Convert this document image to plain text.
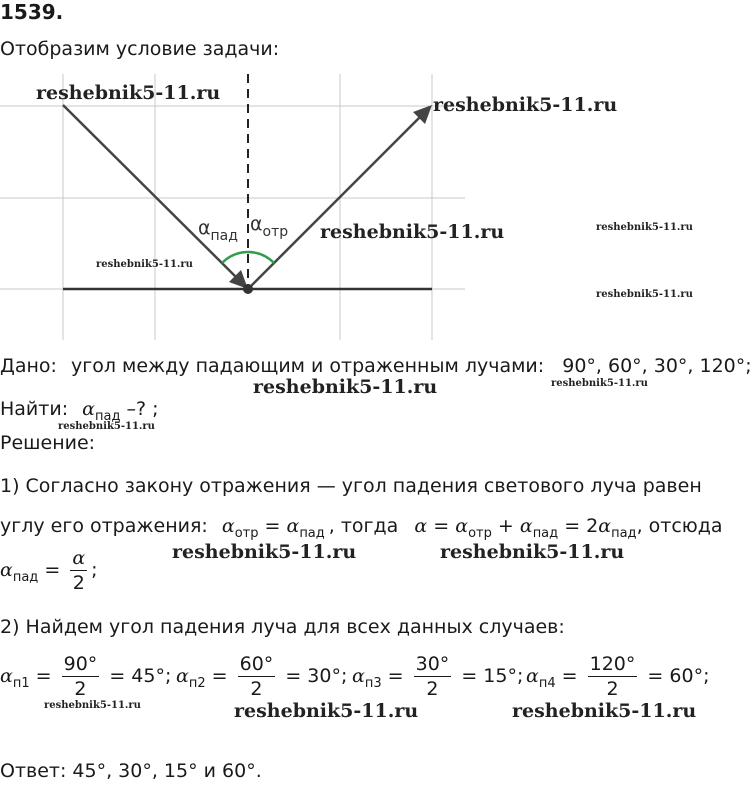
1539.
Отобразим условие задачи:
$\alpha_{пад}$
$\alpha_{отр}$
Дано: угол между падающим и отраженным лучами: 90°, 60°, 30°, 120°;
Найти: $\alpha_{пад}$ –? ;
Решение:
1) Согласно закону отражения — угол падения светового луча равен
углу его отражения: $\alpha_{отр} = \alpha_{пад}$ , тогда $\alpha = \alpha_{отр} + \alpha_{пад} = 2\alpha_{пад}$, отсюда
$\alpha_{пад} = \frac{\alpha}{2}$ ;
2) Найдем угол падения луча для всех данных случаев:
$\alpha_{п1} = \frac{90^\circ}{2} = 45^\circ$; $\alpha_{п2} = \frac{60^\circ}{2} = 30^\circ$; $\alpha_{п3} = \frac{30^\circ}{2} = 15^\circ$; $\alpha_{п4} = \frac{120^\circ}{2} = 60^\circ$;
Ответ: 45°, 30°, 15° и 60°.
reshebnik5-11.ru
reshebnik5-11.ru
reshebnik5-11.ru	reshebnik5-11.ru
reshebnik5-11.ru
reshebnik5-11.ru
reshebnik5-11.ru	reshebnik5-11.ru
reshebnik5-11.ru
reshebnik5-11.ru	reshebnik5-11.ru
reshebnik5-11.ru	reshebnik5-11.ru	reshebnik5-11.ru
